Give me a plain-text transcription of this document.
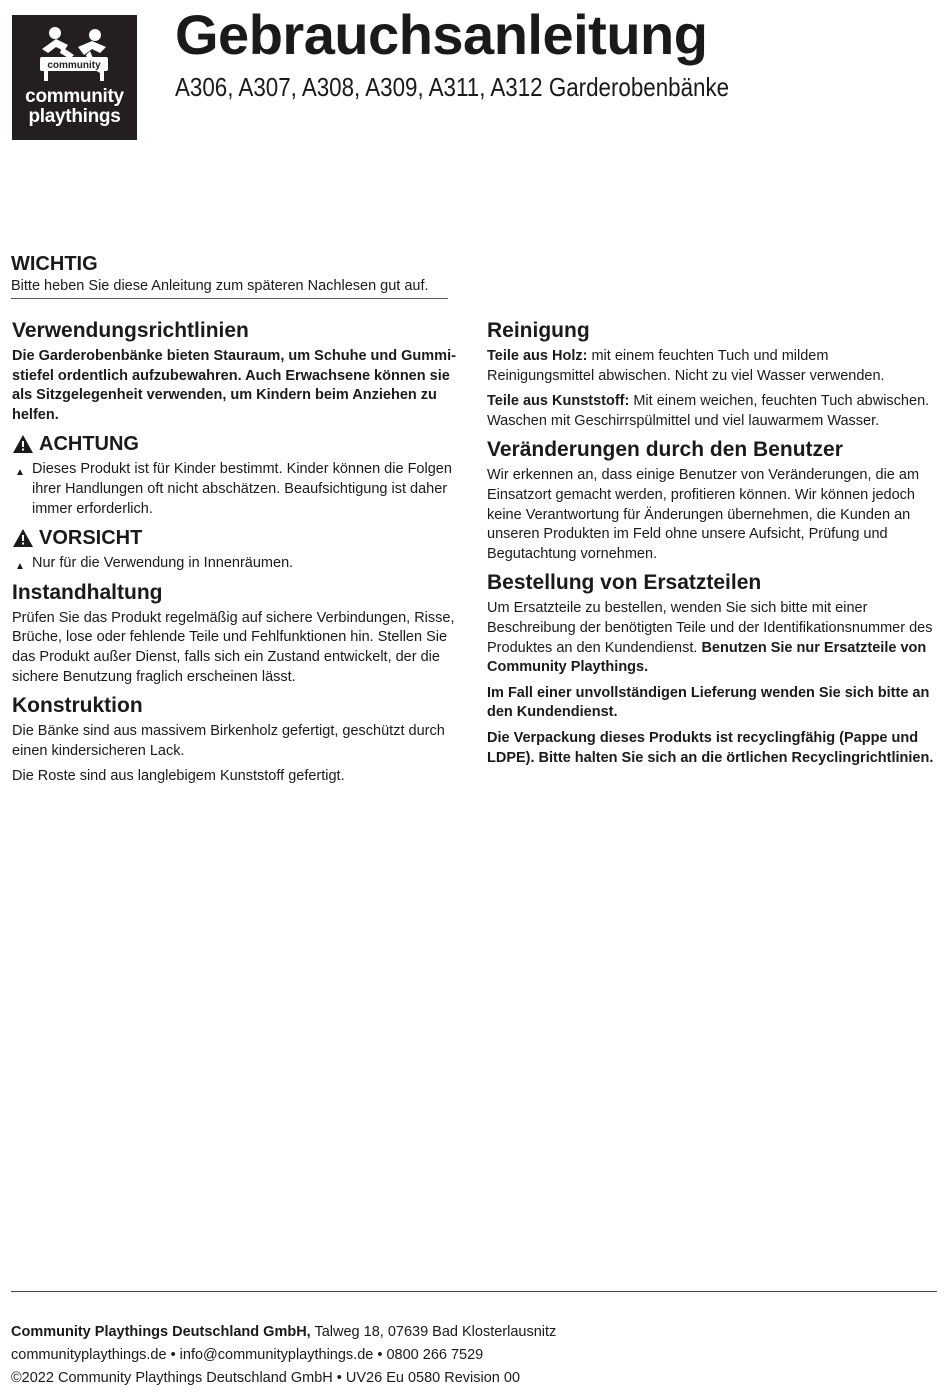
community
community
playthings
Gebrauchsanleitung
A306, A307, A308, A309, A311, A312 Garderobenbänke
WICHTIG

Bitte heben Sie diese Anleitung zum späteren Nachlesen gut auf.

Verwendungsrichtlinien

Die Garderobenbänke bieten Stauraum, um Schuhe und Gummistiefel ordentlich aufzubewahren. Auch Erwachsene können sie als Sitzgelegenheit verwenden, um Kindern beim Anziehen zu helfen.

ACHTUNG
▲ Dieses Produkt ist für Kinder bestimmt. Kinder können die Folgen ihrer Handlungen oft nicht abschätzen. Beaufsichtigung ist daher immer erforderlich.
VORSICHT
▲ Nur für die Verwendung in Innenräumen.
Instandhaltung

Prüfen Sie das Produkt regelmäßig auf sichere Verbindungen, Risse, Brüche, lose oder fehlende Teile und Fehlfunktionen hin. Stellen Sie das Produkt außer Dienst, falls sich ein Zustand entwickelt, der die sichere Benutzung fraglich erscheinen lässt.

Konstruktion

Die Bänke sind aus massivem Birkenholz gefertigt, geschützt durch einen kindersicheren Lack.

Die Roste sind aus langlebigem Kunststoff gefertigt.

Reinigung

Teile aus Holz: mit einem feuchten Tuch und mildem Reinigungsmittel abwischen. Nicht zu viel Wasser verwenden.

Teile aus Kunststoff: Mit einem weichen, feuchten Tuch abwischen. Waschen mit Geschirrspülmittel und viel lauwarmem Wasser.

Veränderungen durch den Benutzer

Wir erkennen an, dass einige Benutzer von Veränderungen, die am Einsatzort gemacht werden, profitieren können. Wir können jedoch keine Verantwortung für Änderungen übernehmen, die Kunden an unseren Produkten im Feld ohne unsere Aufsicht, Prüfung und Begutachtung vornehmen.

Bestellung von Ersatzteilen

Um Ersatzteile zu bestellen, wenden Sie sich bitte mit einer Beschreibung der benötigten Teile und der Identifikationsnummer des Produktes an den Kundendienst. Benutzen Sie nur Ersatzteile von Community Playthings.

Im Fall einer unvollständigen Lieferung wenden Sie sich bitte an den Kundendienst.

Die Verpackung dieses Produkts ist recyclingfähig (Pappe und LDPE). Bitte halten Sie sich an die örtlichen Recyclingrichtlinien.

Community Playthings Deutschland GmbH, Talweg 18, 07639 Bad Klosterlausnitz
communityplaythings.de • info@communityplaythings.de • 0800 266 7529
©2022 Community Playthings Deutschland GmbH • UV26 Eu 0580 Revision 00
